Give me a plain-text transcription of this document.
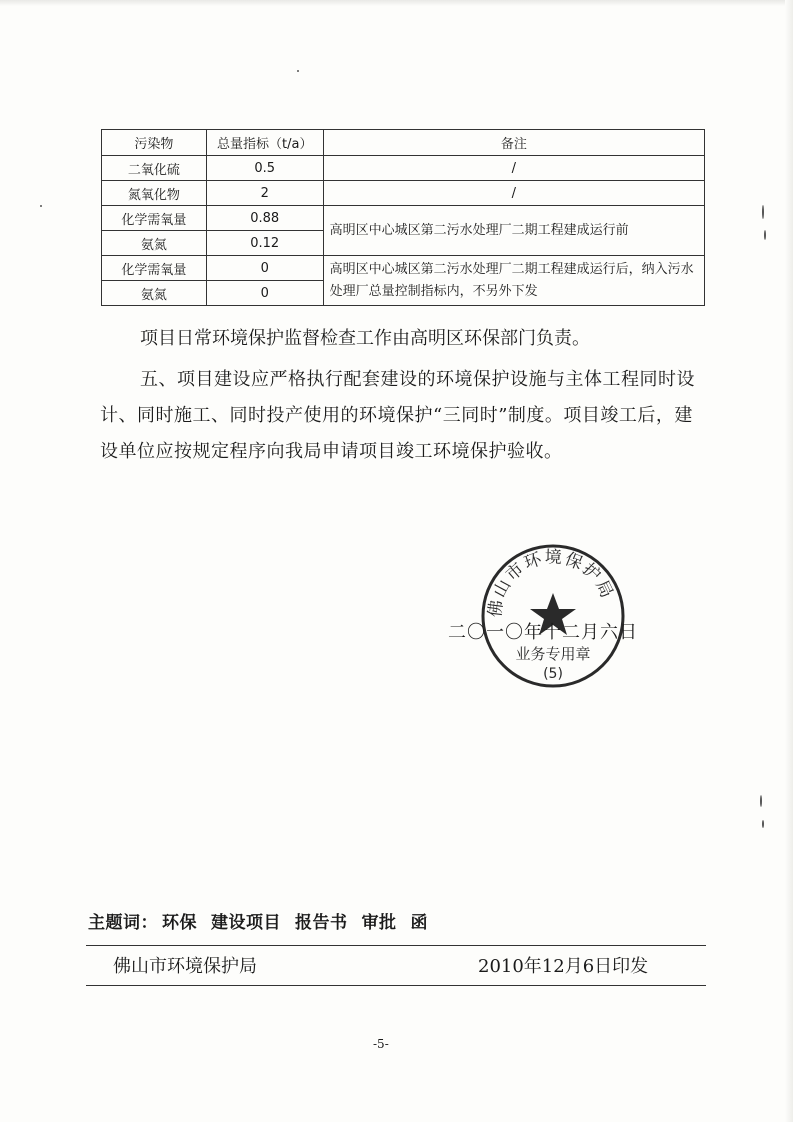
污染物	总量指标（t/a）	备注
二氧化硫	0.5	/
氮氧化物	2	/
化学需氧量	0.88	高明区中心城区第二污水处理厂二期工程建成运行前
氨氮	0.12	
化学需氧量	0	高明区中心城区第二污水处理厂二期工程建成运行后，纳入污水处理厂总量控制指标内，不另外下发
氨氮	0	
项目日常环境保护监督检查工作由高明区环保部门负责。
五、项目建设应严格执行配套建设的环境保护设施与主体工程同时设计、同时施工、同时投产使用的环境保护“三同时”制度。项目竣工后，建设单位应按规定程序向我局申请项目竣工环境保护验收。
佛山市环境保护局
业务专用章
(5)
二〇一〇年十二月六日
主题词： 环保 建设项目 报告书 审批 函
佛山市环境保护局	2010年12月6日印发
-5-
